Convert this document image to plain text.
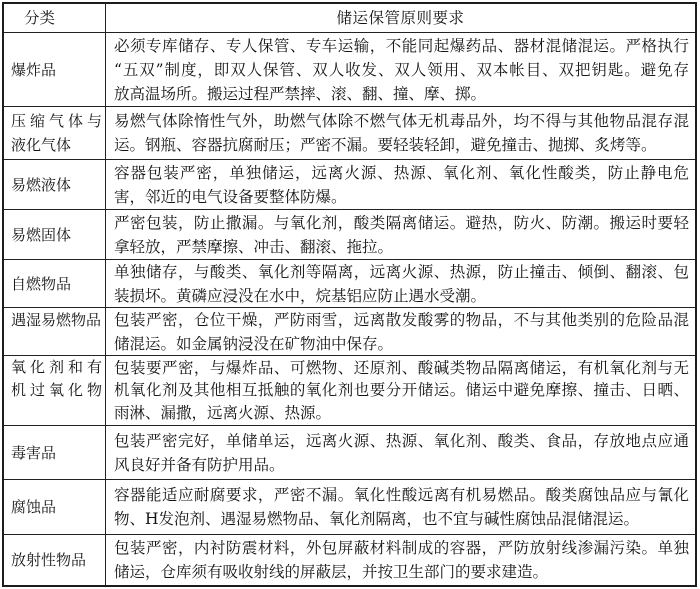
分类	储运保管原则要求
爆炸品
必须专库储存、专人保管、专车运输，不能同起爆药品、器材混储混运。严格执行
“五双”制度，即双人保管、双人收发、双人领用、双本帐目、双把钥匙。避免存
放高温场所。搬运过程严禁摔、滚、翻、撞、摩、掷。
压缩气体与
液化气体
易燃气体除惰性气外，助燃气体除不燃气体无机毒品外，均不得与其他物品混存混
运。钢瓶、容器抗腐耐压；严密不漏。要轻装轻卸，避免撞击、抛掷、炙烤等。
易燃液体
容器包装严密，单独储运，远离火源、热源、氧化剂、氧化性酸类，防止静电危
害，邻近的电气设备要整体防爆。
易燃固体
严密包装，防止撒漏。与氧化剂，酸类隔离储运。避热，防火、防潮。搬运时要轻
拿轻放，严禁摩擦、冲击、翻滚、拖拉。
自燃物品
单独储存，与酸类、氧化剂等隔离，远离火源、热源，防止撞击、倾倒、翻滚、包
装损坏。黄磷应浸没在水中，烷基铝应防止遇水受潮。
遇湿易燃物品 包装严密，仓位干燥，严防雨雪，远离散发酸雾的物品，不与其他类别的危险品混
储混运。如金属钠浸没在矿物油中保存。
氧化剂和有
机过氧化物
包装要严密，与爆炸品、可燃物、还原剂、酸碱类物品隔离储运，有机氧化剂与无
机氧化剂及其他相互抵触的氧化剂也要分开储运。储运中避免摩擦、撞击、日晒、
雨淋、漏撒，远离火源、热源。
毒害品
包装严密完好，单储单运，远离火源、热源、氧化剂、酸类、食品，存放地点应通
风良好并备有防护用品。
腐蚀品
容器能适应耐腐要求，严密不漏。氧化性酸远离有机易燃品。酸类腐蚀品应与氰化
物、H发泡剂、遇湿易燃物品、氧化剂隔离，也不宜与碱性腐蚀品混储混运。
放射性物品
包装严密，内衬防震材料，外包屏蔽材料制成的容器，严防放射线渗漏污染。单独
储运，仓库须有吸收射线的屏蔽层，并按卫生部门的要求建造。
